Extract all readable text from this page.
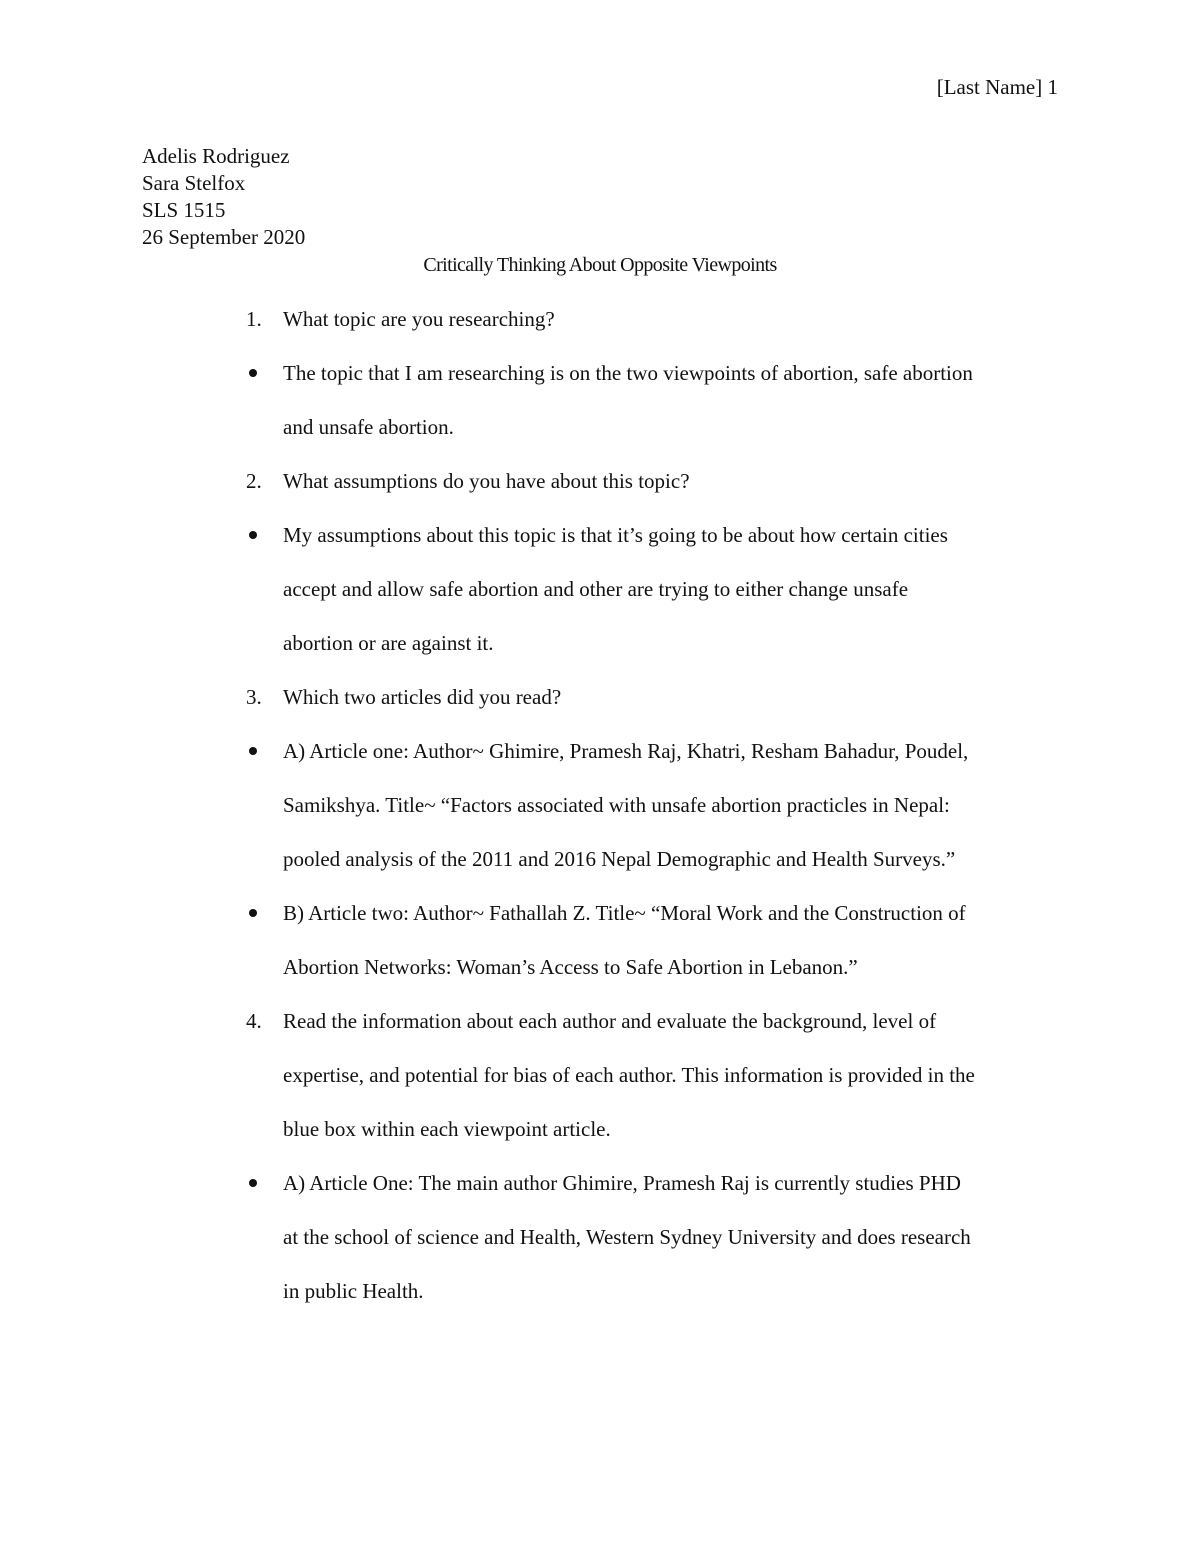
[Last Name] 1
Adelis Rodriguez
Sara Stelfox
SLS 1515
26 September 2020
Critically Thinking About Opposite Viewpoints
1.	What topic are you researching?
The topic that I am researching is on the two viewpoints of abortion, safe abortion
and unsafe abortion.
2.	What assumptions do you have about this topic?
My assumptions about this topic is that it’s going to be about how certain cities
accept and allow safe abortion and other are trying to either change unsafe
abortion or are against it.
3.	Which two articles did you read?
A) Article one: Author~ Ghimire, Pramesh Raj, Khatri, Resham Bahadur, Poudel,
Samikshya. Title~ “Factors associated with unsafe abortion practicles in Nepal:
pooled analysis of the 2011 and 2016 Nepal Demographic and Health Surveys.”
B) Article two: Author~ Fathallah Z. Title~ “Moral Work and the Construction of
Abortion Networks: Woman’s Access to Safe Abortion in Lebanon.”
4.	Read the information about each author and evaluate the background, level of
expertise, and potential for bias of each author. This information is provided in the
blue box within each viewpoint article.
A) Article One: The main author Ghimire, Pramesh Raj is currently studies PHD
at the school of science and Health, Western Sydney University and does research
in public Health.
